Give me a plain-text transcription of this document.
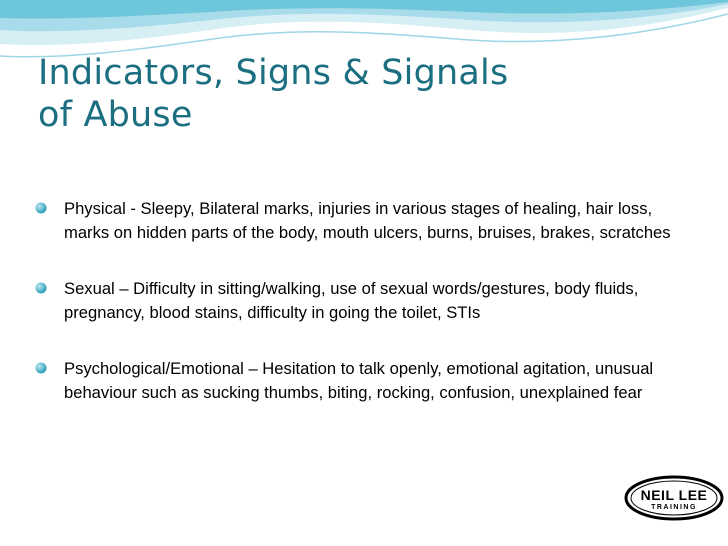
Indicators, Signs & Signals
of Abuse
Physical - Sleepy, Bilateral marks, injuries in various stages of healing, hair loss, marks on hidden parts of the body, mouth ulcers, burns, bruises, brakes, scratches
Sexual – Difficulty in sitting/walking, use of sexual words/gestures, body fluids, pregnancy, blood stains, difficulty in going the toilet, STIs
Psychological/Emotional – Hesitation to talk openly, emotional agitation, unusual behaviour such as sucking thumbs, biting, rocking, confusion, unexplained fear
NEIL LEE
TRAINING
